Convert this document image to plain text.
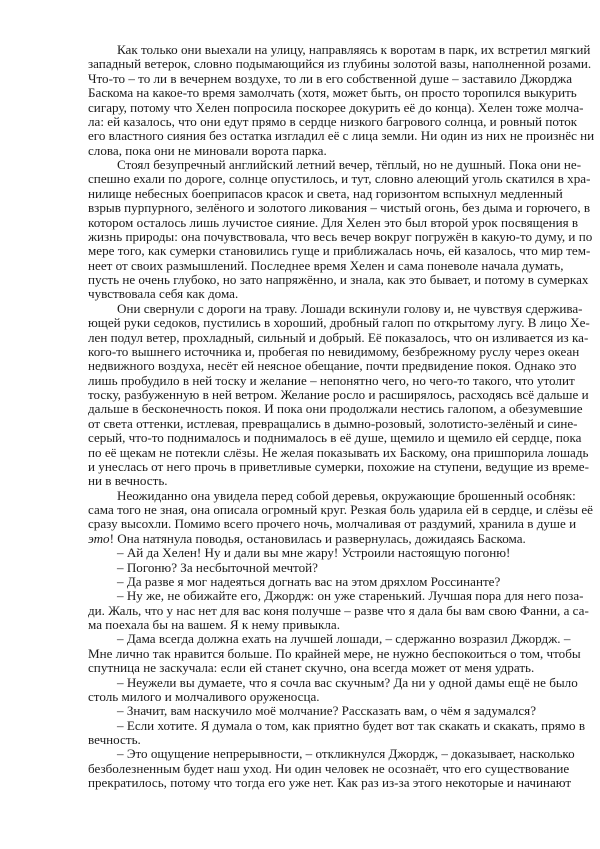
Как только они выехали на улицу, направляясь к воротам в парк, их встретил мягкий
западный ветерок, словно подымающийся из глубины золотой вазы, наполненной розами.
Что-то – то ли в вечернем воздухе, то ли в его собственной душе – заставило Джорджа
Баскома на какое-то время замолчать (хотя, может быть, он просто торопился выкурить
сигару, потому что Хелен попросила поскорее докурить её до конца). Хелен тоже молча-
ла: ей казалось, что они едут прямо в сердце низкого багрового солнца, и ровный поток
его властного сияния без остатка изгладил её с лица земли. Ни один из них не произнёс ни
слова, пока они не миновали ворота парка.
Стоял безупречный английский летний вечер, тёплый, но не душный. Пока они не-
спешно ехали по дороге, солнце опустилось, и тут, словно алеющий уголь скатился в хра-
нилище небесных боеприпасов красок и света, над горизонтом вспыхнул медленный
взрыв пурпурного, зелёного и золотого ликования – чистый огонь, без дыма и горючего, в
котором осталось лишь лучистое сияние. Для Хелен это был второй урок посвящения в
жизнь природы: она почувствовала, что весь вечер вокруг погружён в какую-то думу, и по
мере того, как сумерки становились гуще и приближалась ночь, ей казалось, что мир тем-
неет от своих размышлений. Последнее время Хелен и сама поневоле начала думать,
пусть не очень глубоко, но зато напряжённо, и знала, как это бывает, и потому в сумерках
чувствовала себя как дома.
Они свернули с дороги на траву. Лошади вскинули голову и, не чувствуя сдержива-
ющей руки седоков, пустились в хороший, дробный галоп по открытому лугу. В лицо Хе-
лен подул ветер, прохладный, сильный и добрый. Её показалось, что он изливается из ка-
кого-то вышнего источника и, пробегая по невидимому, безбрежному руслу через океан
недвижного воздуха, несёт ей неясное обещание, почти предвидение покоя. Однако это
лишь пробудило в ней тоску и желание – непонятно чего, но чего-то такого, что утолит
тоску, разбуженную в ней ветром. Желание росло и расширялось, расходясь всё дальше и
дальше в бесконечность покоя. И пока они продолжали нестись галопом, а обезумевшие
от света оттенки, истлевая, превращались в дымно-розовый, золотисто-зелёный и сине-
серый, что-то поднималось и поднималось в её душе, щемило и щемило ей сердце, пока
по её щекам не потекли слёзы. Не желая показывать их Баскому, она пришпорила лошадь
и унеслась от него прочь в приветливые сумерки, похожие на ступени, ведущие из време-
ни в вечность.
Неожиданно она увидела перед собой деревья, окружающие брошенный особняк:
сама того не зная, она описала огромный круг. Резкая боль ударила ей в сердце, и слёзы её
сразу высохли. Помимо всего прочего ночь, молчаливая от раздумий, хранила в душе и
это! Она натянула поводья, остановилась и развернулась, дожидаясь Баскома.
– Ай да Хелен! Ну и дали вы мне жару! Устроили настоящую погоню!
– Погоню? За несбыточной мечтой?
– Да разве я мог надеяться догнать вас на этом дряхлом Россинанте?
– Ну же, не обижайте его, Джордж: он уже старенький. Лучшая пора для него поза-
ди. Жаль, что у нас нет для вас коня получше – разве что я дала бы вам свою Фанни, а са-
ма поехала бы на вашем. Я к нему привыкла.
– Дама всегда должна ехать на лучшей лошади, – сдержанно возразил Джордж. –
Мне лично так нравится больше. По крайней мере, не нужно беспокоиться о том, чтобы
спутница не заскучала: если ей станет скучно, она всегда может от меня удрать.
– Неужели вы думаете, что я сочла вас скучным? Да ни у одной дамы ещё не было
столь милого и молчаливого оруженосца.
– Значит, вам наскучило моё молчание? Рассказать вам, о чём я задумался?
– Если хотите. Я думала о том, как приятно будет вот так скакать и скакать, прямо в
вечность.
– Это ощущение непрерывности, – откликнулся Джордж, – доказывает, насколько
безболезненным будет наш уход. Ни один человек не осознаёт, что его существование
прекратилось, потому что тогда его уже нет. Как раз из-за этого некоторые и начинают
